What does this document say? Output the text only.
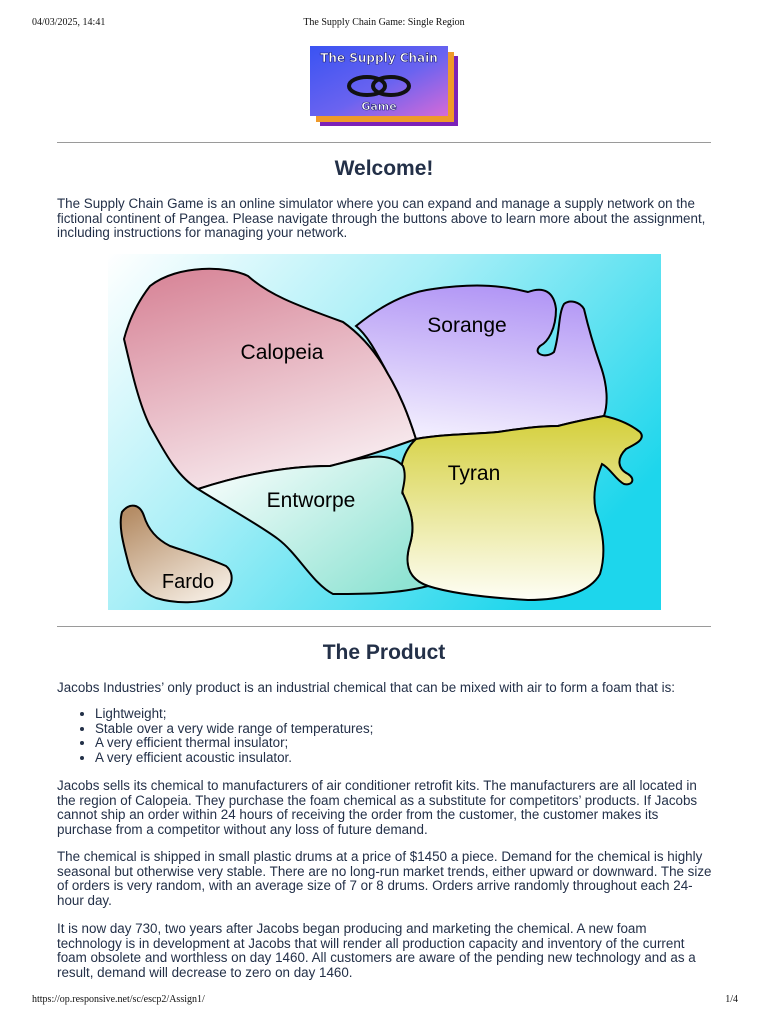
04/03/2025, 14:41	The Supply Chain Game: Single Region
The Supply Chain
Game
Welcome!

The Supply Chain Game is an online simulator where you can expand and manage a supply network on the fictional continent of Pangea. Please navigate through the buttons above to learn more about the assignment, including instructions for managing your network.

Calopeia
Sorange
Tyran
Entworpe
Fardo
The Product

Jacobs Industries’ only product is an industrial chemical that can be mixed with air to form a foam that is:

• Lightweight;
• Stable over a very wide range of temperatures;
• A very efficient thermal insulator;
• A very efficient acoustic insulator.

Jacobs sells its chemical to manufacturers of air conditioner retrofit kits. The manufacturers are all located in the region of Calopeia. They purchase the foam chemical as a substitute for competitors’ products. If Jacobs cannot ship an order within 24 hours of receiving the order from the customer, the customer makes its purchase from a competitor without any loss of future demand.

The chemical is shipped in small plastic drums at a price of $1450 a piece. Demand for the chemical is highly seasonal but otherwise very stable. There are no long-run market trends, either upward or downward. The size of orders is very random, with an average size of 7 or 8 drums. Orders arrive randomly throughout each 24-hour day.

It is now day 730, two years after Jacobs began producing and marketing the chemical. A new foam technology is in development at Jacobs that will render all production capacity and inventory of the current foam obsolete and worthless on day 1460. All customers are aware of the pending new technology and as a result, demand will decrease to zero on day 1460.

https://op.responsive.net/sc/escp2/Assign1/	1/4
